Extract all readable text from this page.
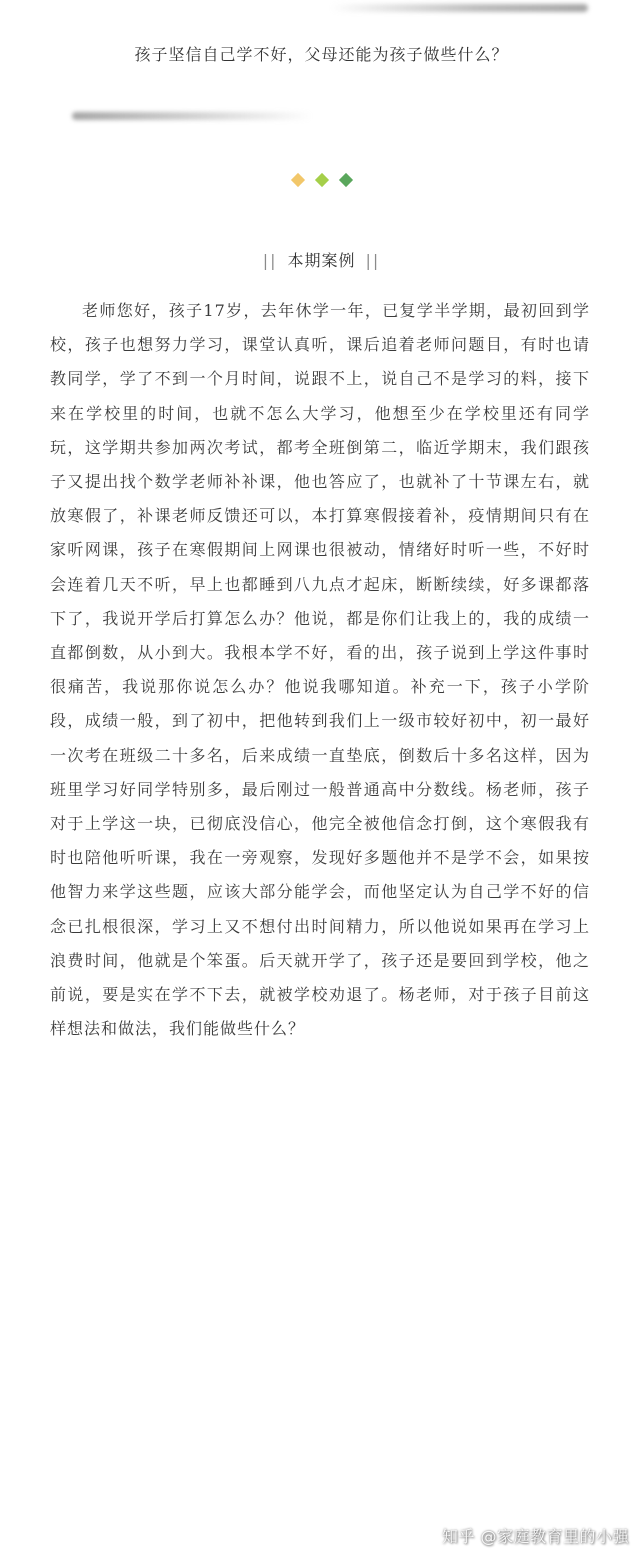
孩子坚信自己学不好，父母还能为孩子做些什么？
|| 本期案例 ||

老师您好，孩子17岁，去年休学一年，已复学半学期，最初回到学校，孩子也想努力学习，课堂认真听，课后追着老师问题目，有时也请教同学，学了不到一个月时间，说跟不上，说自己不是学习的料，接下来在学校里的时间，也就不怎么大学习，他想至少在学校里还有同学玩，这学期共参加两次考试，都考全班倒第二，临近学期末，我们跟孩子又提出找个数学老师补补课，他也答应了，也就补了十节课左右，就放寒假了，补课老师反馈还可以，本打算寒假接着补，疫情期间只有在家听网课，孩子在寒假期间上网课也很被动，情绪好时听一些，不好时会连着几天不听，早上也都睡到八九点才起床，断断续续，好多课都落下了，我说开学后打算怎么办？他说，都是你们让我上的，我的成绩一直都倒数，从小到大。我根本学不好，看的出，孩子说到上学这件事时很痛苦，我说那你说怎么办？他说我哪知道。补充一下，孩子小学阶段，成绩一般，到了初中，把他转到我们上一级市较好初中，初一最好一次考在班级二十多名，后来成绩一直垫底，倒数后十多名这样，因为班里学习好同学特别多，最后刚过一般普通高中分数线。杨老师，孩子对于上学这一块，已彻底没信心，他完全被他信念打倒，这个寒假我有时也陪他听听课，我在一旁观察，发现好多题他并不是学不会，如果按他智力来学这些题，应该大部分能学会，而他坚定认为自己学不好的信念已扎根很深，学习上又不想付出时间精力，所以他说如果再在学习上浪费时间，他就是个笨蛋。后天就开学了，孩子还是要回到学校，他之前说，要是实在学不下去，就被学校劝退了。杨老师，对于孩子目前这样想法和做法，我们能做些什么？

知乎 @家庭教育里的小强
